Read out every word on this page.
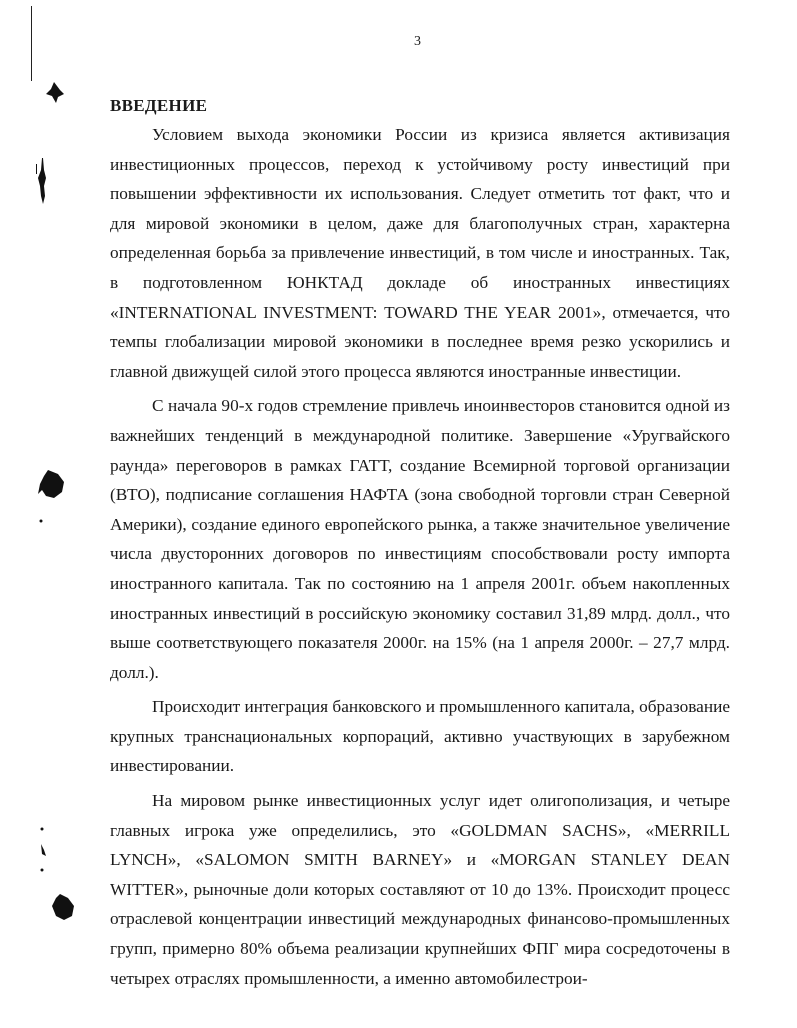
3
ВВЕДЕНИЕ

Условием выхода экономики России из кризиса является активизация инвестиционных процессов, переход к устойчивому росту инвестиций при повышении эффективности их использования. Следует отметить тот факт, что и для мировой экономики в целом, даже для благополучных стран, характерна определенная борьба за привлечение инвестиций, в том числе и иностранных. Так, в подготовленном ЮНКТАД докладе об иностранных инвестициях «INTERNATIONAL INVESTMENT: TOWARD THE YEAR 2001», отмечается, что темпы глобализации мировой экономики в последнее время резко ускорились и главной движущей силой этого процесса являются иностранные инвестиции.

С начала 90-х годов стремление привлечь иноинвесторов становится одной из важнейших тенденций в международной политике. Завершение «Уругвайского раунда» переговоров в рамках ГАТТ, создание Всемирной торговой организации (ВТО), подписание соглашения НАФТА (зона свободной торговли стран Северной Америки), создание единого европейского рынка, а также значительное увеличение числа двусторонних договоров по инвестициям способствовали росту импорта иностранного капитала. Так по состоянию на 1 апреля 2001г. объем накопленных иностранных инвестиций в российскую экономику составил 31,89 млрд. долл., что выше соответствующего показателя 2000г. на 15% (на 1 апреля 2000г. – 27,7 млрд. долл.).

Происходит интеграция банковского и промышленного капитала, образование крупных транснациональных корпораций, активно участвующих в зарубежном инвестировании.

На мировом рынке инвестиционных услуг идет олигополизация, и четыре главных игрока уже определились, это «GOLDMAN SACHS», «MERRILL LYNCH», «SALOMON SMITH BARNEY» и «MORGAN STANLEY DEAN WITTER», рыночные доли которых составляют от 10 до 13%. Происходит процесс отраслевой концентрации инвестиций международных финансово-промышленных групп, примерно 80% объема реализации крупнейших ФПГ мира сосредоточены в четырех отраслях промышленности, а именно автомобилестрои-
